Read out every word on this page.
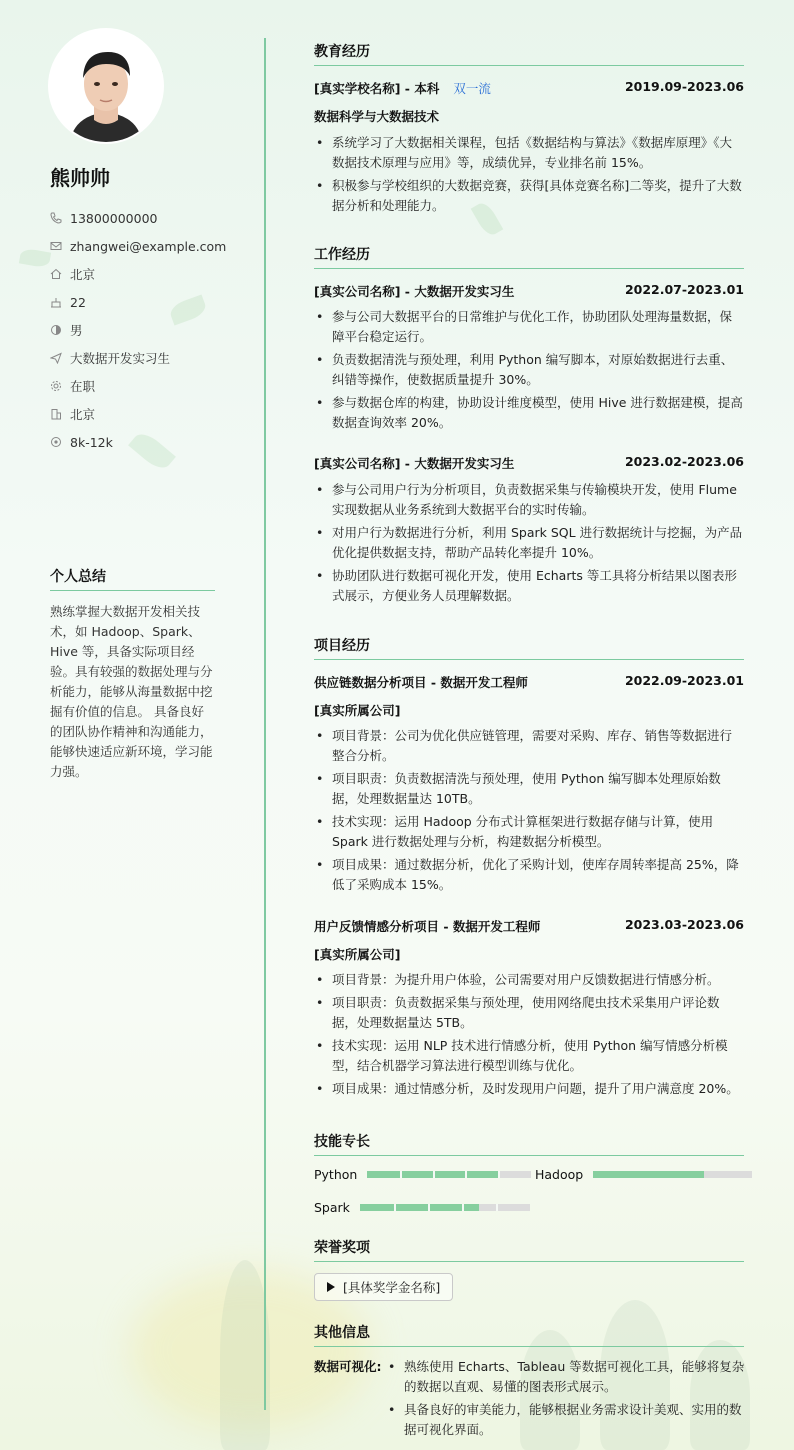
熊帅帅
13800000000
zhangwei@example.com
北京
22
男
大数据开发实习生
在职
北京
8k-12k
个人总结
熟练掌握大数据开发相关技术，如 Hadoop、Spark、Hive 等，具备实际项目经验。具有较强的数据处理与分析能力，能够从海量数据中挖掘有价值的信息。 具备良好的团队协作精神和沟通能力，能够快速适应新环境，学习能力强。
教育经历
[真实学校名称] - 本科 双一流	2019.09-2023.06
数据科学与大数据技术
• 系统学习了大数据相关课程，包括《数据结构与算法》《数据库原理》《大数据技术原理与应用》等，成绩优异，专业排名前 15%。
• 积极参与学校组织的大数据竞赛，获得[具体竞赛名称]二等奖，提升了大数据分析和处理能力。
工作经历
[真实公司名称] - 大数据开发实习生	2022.07-2023.01
• 参与公司大数据平台的日常维护与优化工作，协助团队处理海量数据，保障平台稳定运行。
• 负责数据清洗与预处理，利用 Python 编写脚本，对原始数据进行去重、纠错等操作，使数据质量提升 30%。
• 参与数据仓库的构建，协助设计维度模型，使用 Hive 进行数据建模，提高数据查询效率 20%。
[真实公司名称] - 大数据开发实习生	2023.02-2023.06
• 参与公司用户行为分析项目，负责数据采集与传输模块开发，使用 Flume 实现数据从业务系统到大数据平台的实时传输。
• 对用户行为数据进行分析，利用 Spark SQL 进行数据统计与挖掘，为产品优化提供数据支持，帮助产品转化率提升 10%。
• 协助团队进行数据可视化开发，使用 Echarts 等工具将分析结果以图表形式展示，方便业务人员理解数据。
项目经历
供应链数据分析项目 - 数据开发工程师	2022.09-2023.01
[真实所属公司]
• 项目背景：公司为优化供应链管理，需要对采购、库存、销售等数据进行整合分析。
• 项目职责：负责数据清洗与预处理，使用 Python 编写脚本处理原始数据，处理数据量达 10TB。
• 技术实现：运用 Hadoop 分布式计算框架进行数据存储与计算，使用 Spark 进行数据处理与分析，构建数据分析模型。
• 项目成果：通过数据分析，优化了采购计划，使库存周转率提高 25%，降低了采购成本 15%。
用户反馈情感分析项目 - 数据开发工程师	2023.03-2023.06
[真实所属公司]
• 项目背景：为提升用户体验，公司需要对用户反馈数据进行情感分析。
• 项目职责：负责数据采集与预处理，使用网络爬虫技术采集用户评论数据，处理数据量达 5TB。
• 技术实现：运用 NLP 技术进行情感分析，使用 Python 编写情感分析模型，结合机器学习算法进行模型训练与优化。
• 项目成果：通过情感分析，及时发现用户问题，提升了用户满意度 20%。
技能专长
Python	Hadoop
Spark
荣誉奖项
[具体奖学金名称]
其他信息
数据可视化:
•	熟练使用 Echarts、Tableau 等数据可视化工具，能够将复杂的数据以直观、易懂的图表形式展示。
• 具备良好的审美能力，能够根据业务需求设计美观、实用的数据可视化界面。
